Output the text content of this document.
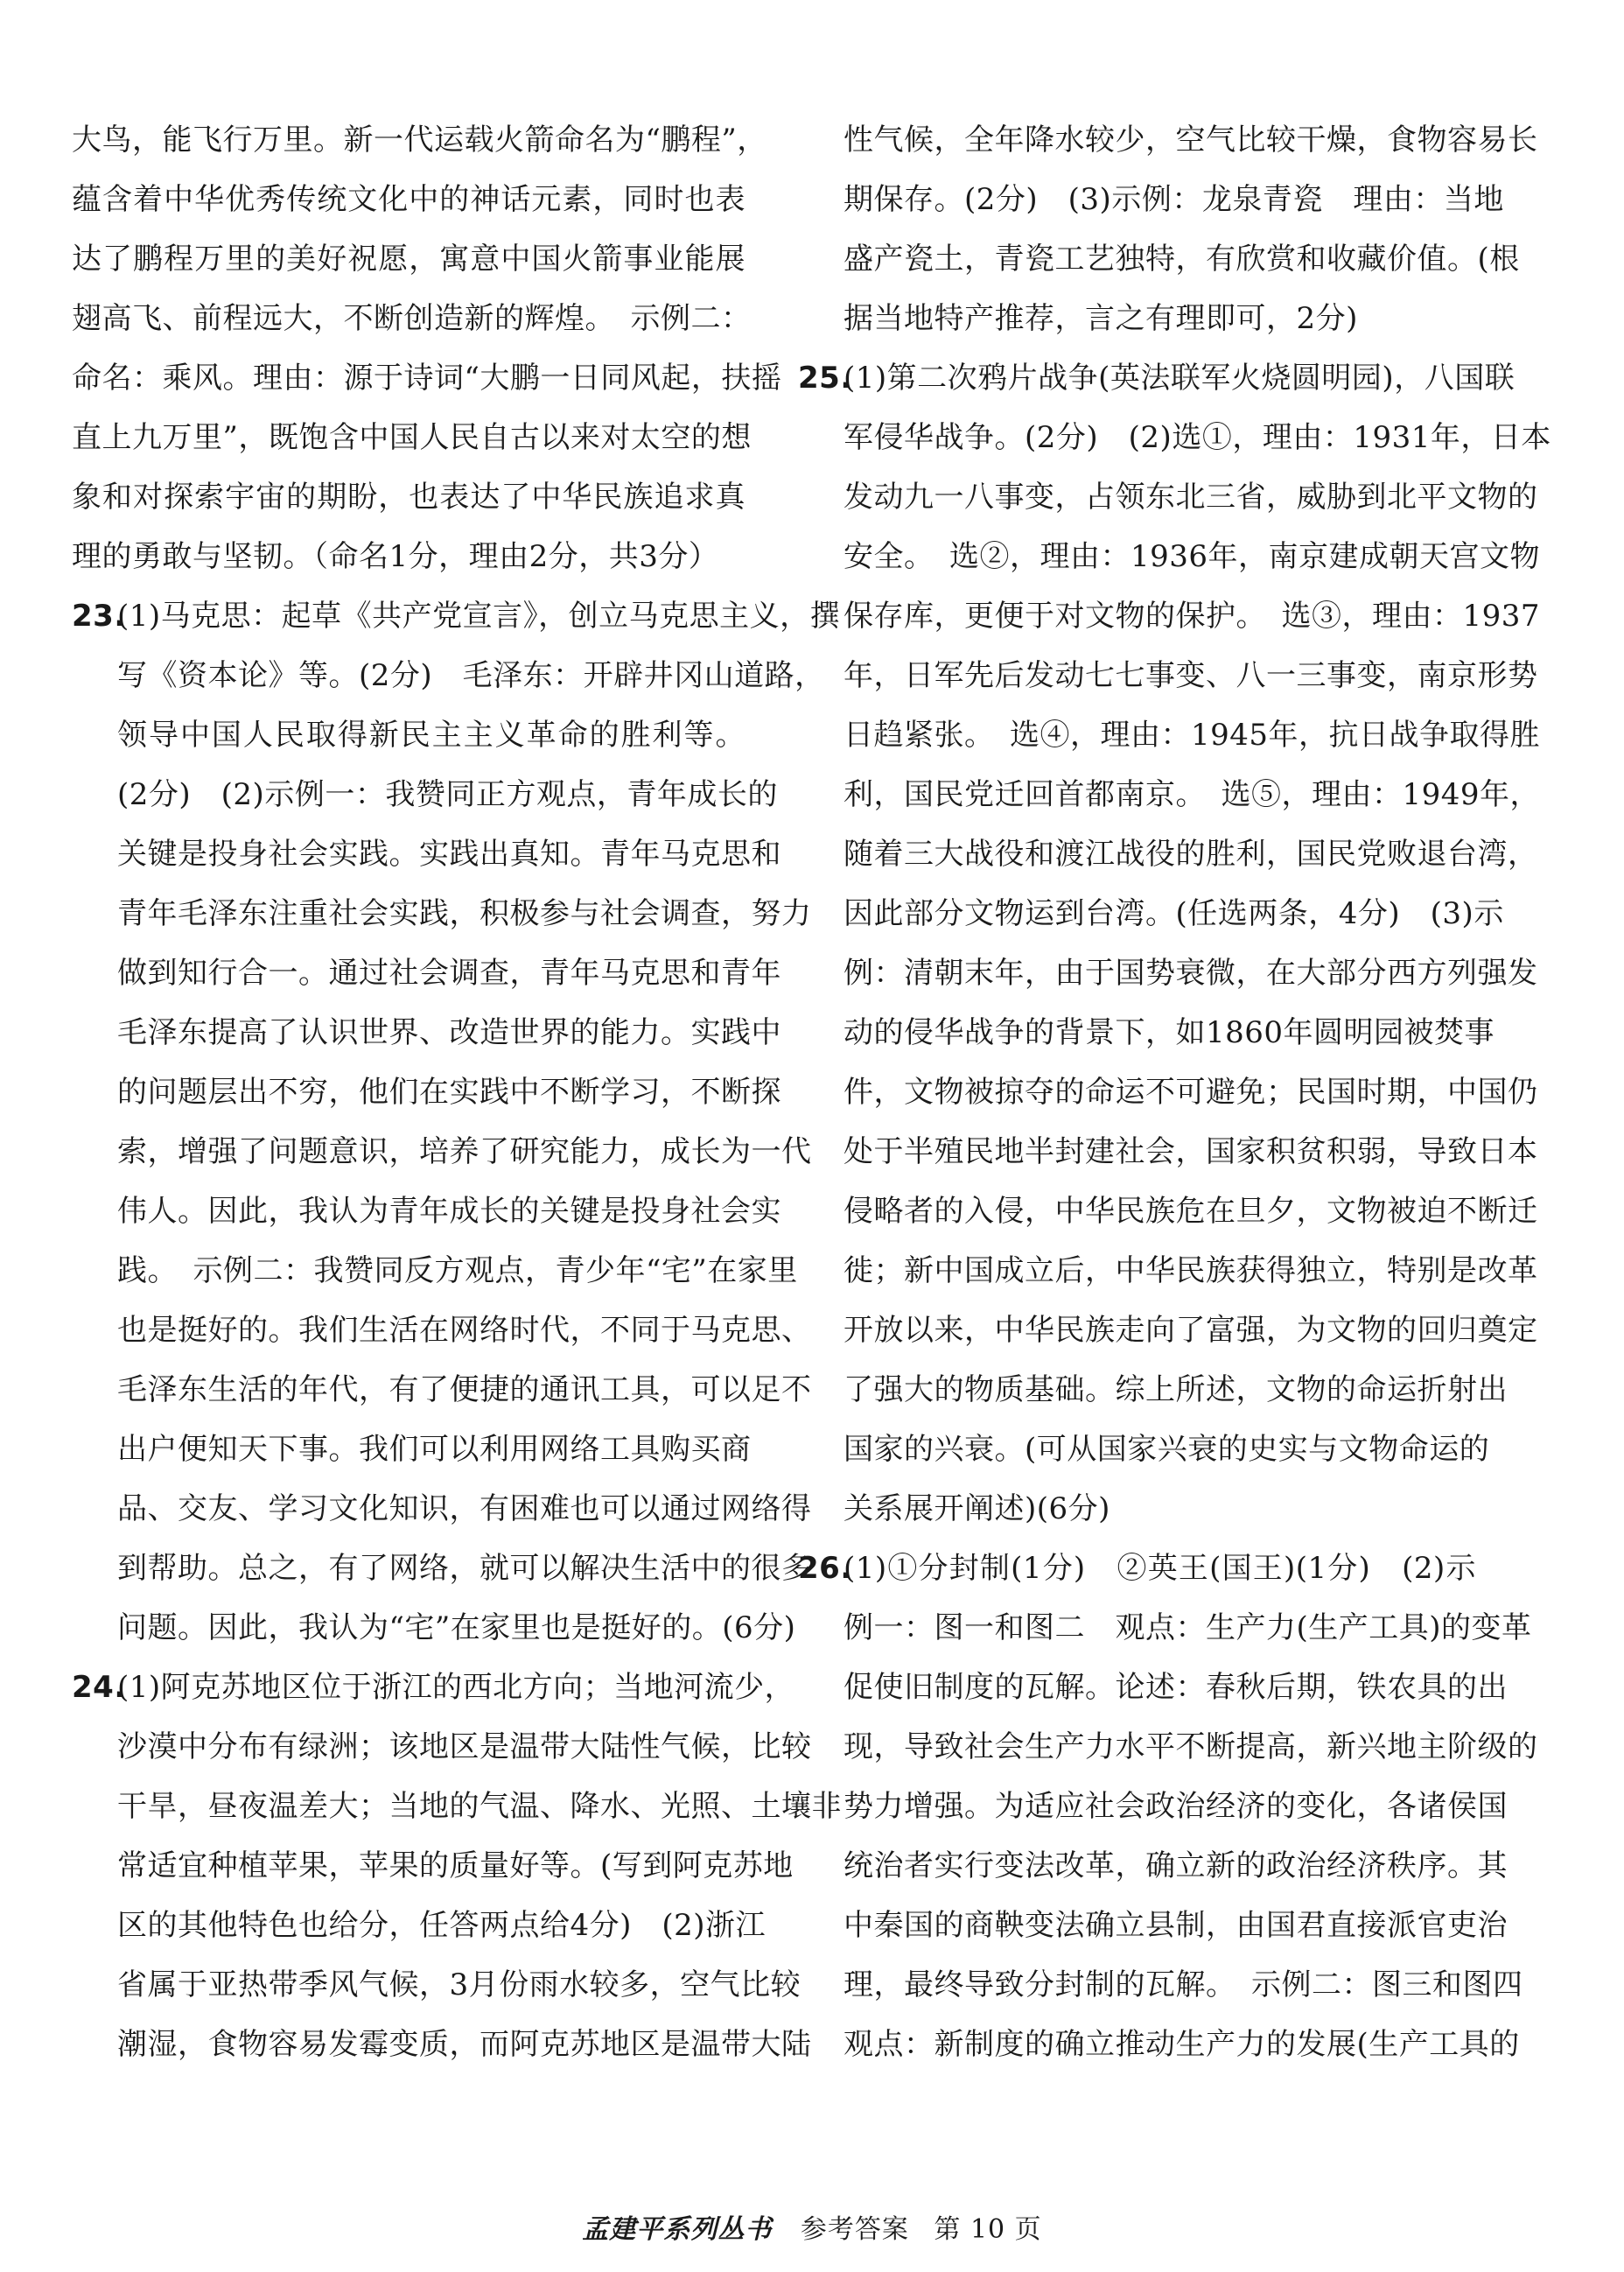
大鸟，能飞行万里。新一代运载火箭命名为“鹏程”，
蕴含着中华优秀传统文化中的神话元素，同时也表
达了鹏程万里的美好祝愿，寓意中国火箭事业能展
翅高飞、前程远大，不断创造新的辉煌。　示例二：
命名：乘风。理由：源于诗词“大鹏一日同风起，扶摇
直上九万里”，既饱含中国人民自古以来对太空的想
象和对探索宇宙的期盼，也表达了中华民族追求真
理的勇敢与坚韧。（命名1分，理由2分，共3分）
23.(1)马克思：起草《共产党宣言》，创立马克思主义，撰
写《资本论》等。(2分)　毛泽东：开辟井冈山道路，
领导中国人民取得新民主主义革命的胜利等。
(2分)　(2)示例一：我赞同正方观点，青年成长的
关键是投身社会实践。实践出真知。青年马克思和
青年毛泽东注重社会实践，积极参与社会调查，努力
做到知行合一。通过社会调查，青年马克思和青年
毛泽东提高了认识世界、改造世界的能力。实践中
的问题层出不穷，他们在实践中不断学习，不断探
索，增强了问题意识，培养了研究能力，成长为一代
伟人。因此，我认为青年成长的关键是投身社会实
践。　示例二：我赞同反方观点，青少年“宅”在家里
也是挺好的。我们生活在网络时代，不同于马克思、
毛泽东生活的年代，有了便捷的通讯工具，可以足不
出户便知天下事。我们可以利用网络工具购买商
品、交友、学习文化知识，有困难也可以通过网络得
到帮助。总之，有了网络，就可以解决生活中的很多
问题。因此，我认为“宅”在家里也是挺好的。(6分)
24.(1)阿克苏地区位于浙江的西北方向；当地河流少，
沙漠中分布有绿洲；该地区是温带大陆性气候，比较
干旱，昼夜温差大；当地的气温、降水、光照、土壤非
常适宜种植苹果，苹果的质量好等。(写到阿克苏地
区的其他特色也给分，任答两点给4分)　(2)浙江
省属于亚热带季风气候，3月份雨水较多，空气比较
潮湿，食物容易发霉变质，而阿克苏地区是温带大陆
性气候，全年降水较少，空气比较干燥，食物容易长
期保存。(2分)　(3)示例：龙泉青瓷　理由：当地
盛产瓷土，青瓷工艺独特，有欣赏和收藏价值。(根
据当地特产推荐，言之有理即可，2分)
25.(1)第二次鸦片战争(英法联军火烧圆明园)，八国联
军侵华战争。(2分)　(2)选①，理由：1931年，日本
发动九一八事变，占领东北三省，威胁到北平文物的
安全。　选②，理由：1936年，南京建成朝天宫文物
保存库，更便于对文物的保护。　选③，理由：1937
年，日军先后发动七七事变、八一三事变，南京形势
日趋紧张。　选④，理由：1945年，抗日战争取得胜
利，国民党迁回首都南京。　选⑤，理由：1949年，
随着三大战役和渡江战役的胜利，国民党败退台湾，
因此部分文物运到台湾。(任选两条，4分)　(3)示
例：清朝末年，由于国势衰微，在大部分西方列强发
动的侵华战争的背景下，如1860年圆明园被焚事
件，文物被掠夺的命运不可避免；民国时期，中国仍
处于半殖民地半封建社会，国家积贫积弱，导致日本
侵略者的入侵，中华民族危在旦夕，文物被迫不断迁
徙；新中国成立后，中华民族获得独立，特别是改革
开放以来，中华民族走向了富强，为文物的回归奠定
了强大的物质基础。综上所述，文物的命运折射出
国家的兴衰。(可从国家兴衰的史实与文物命运的
关系展开阐述)(6分)
26.(1)①分封制(1分)　②英王(国王)(1分)　(2)示
例一：图一和图二　观点：生产力(生产工具)的变革
促使旧制度的瓦解。论述：春秋后期，铁农具的出
现，导致社会生产力水平不断提高，新兴地主阶级的
势力增强。为适应社会政治经济的变化，各诸侯国
统治者实行变法改革，确立新的政治经济秩序。其
中秦国的商鞅变法确立县制，由国君直接派官吏治
理，最终导致分封制的瓦解。　示例二：图三和图四
观点：新制度的确立推动生产力的发展(生产工具的
孟建平系列丛书 参考答案 第 10 页
